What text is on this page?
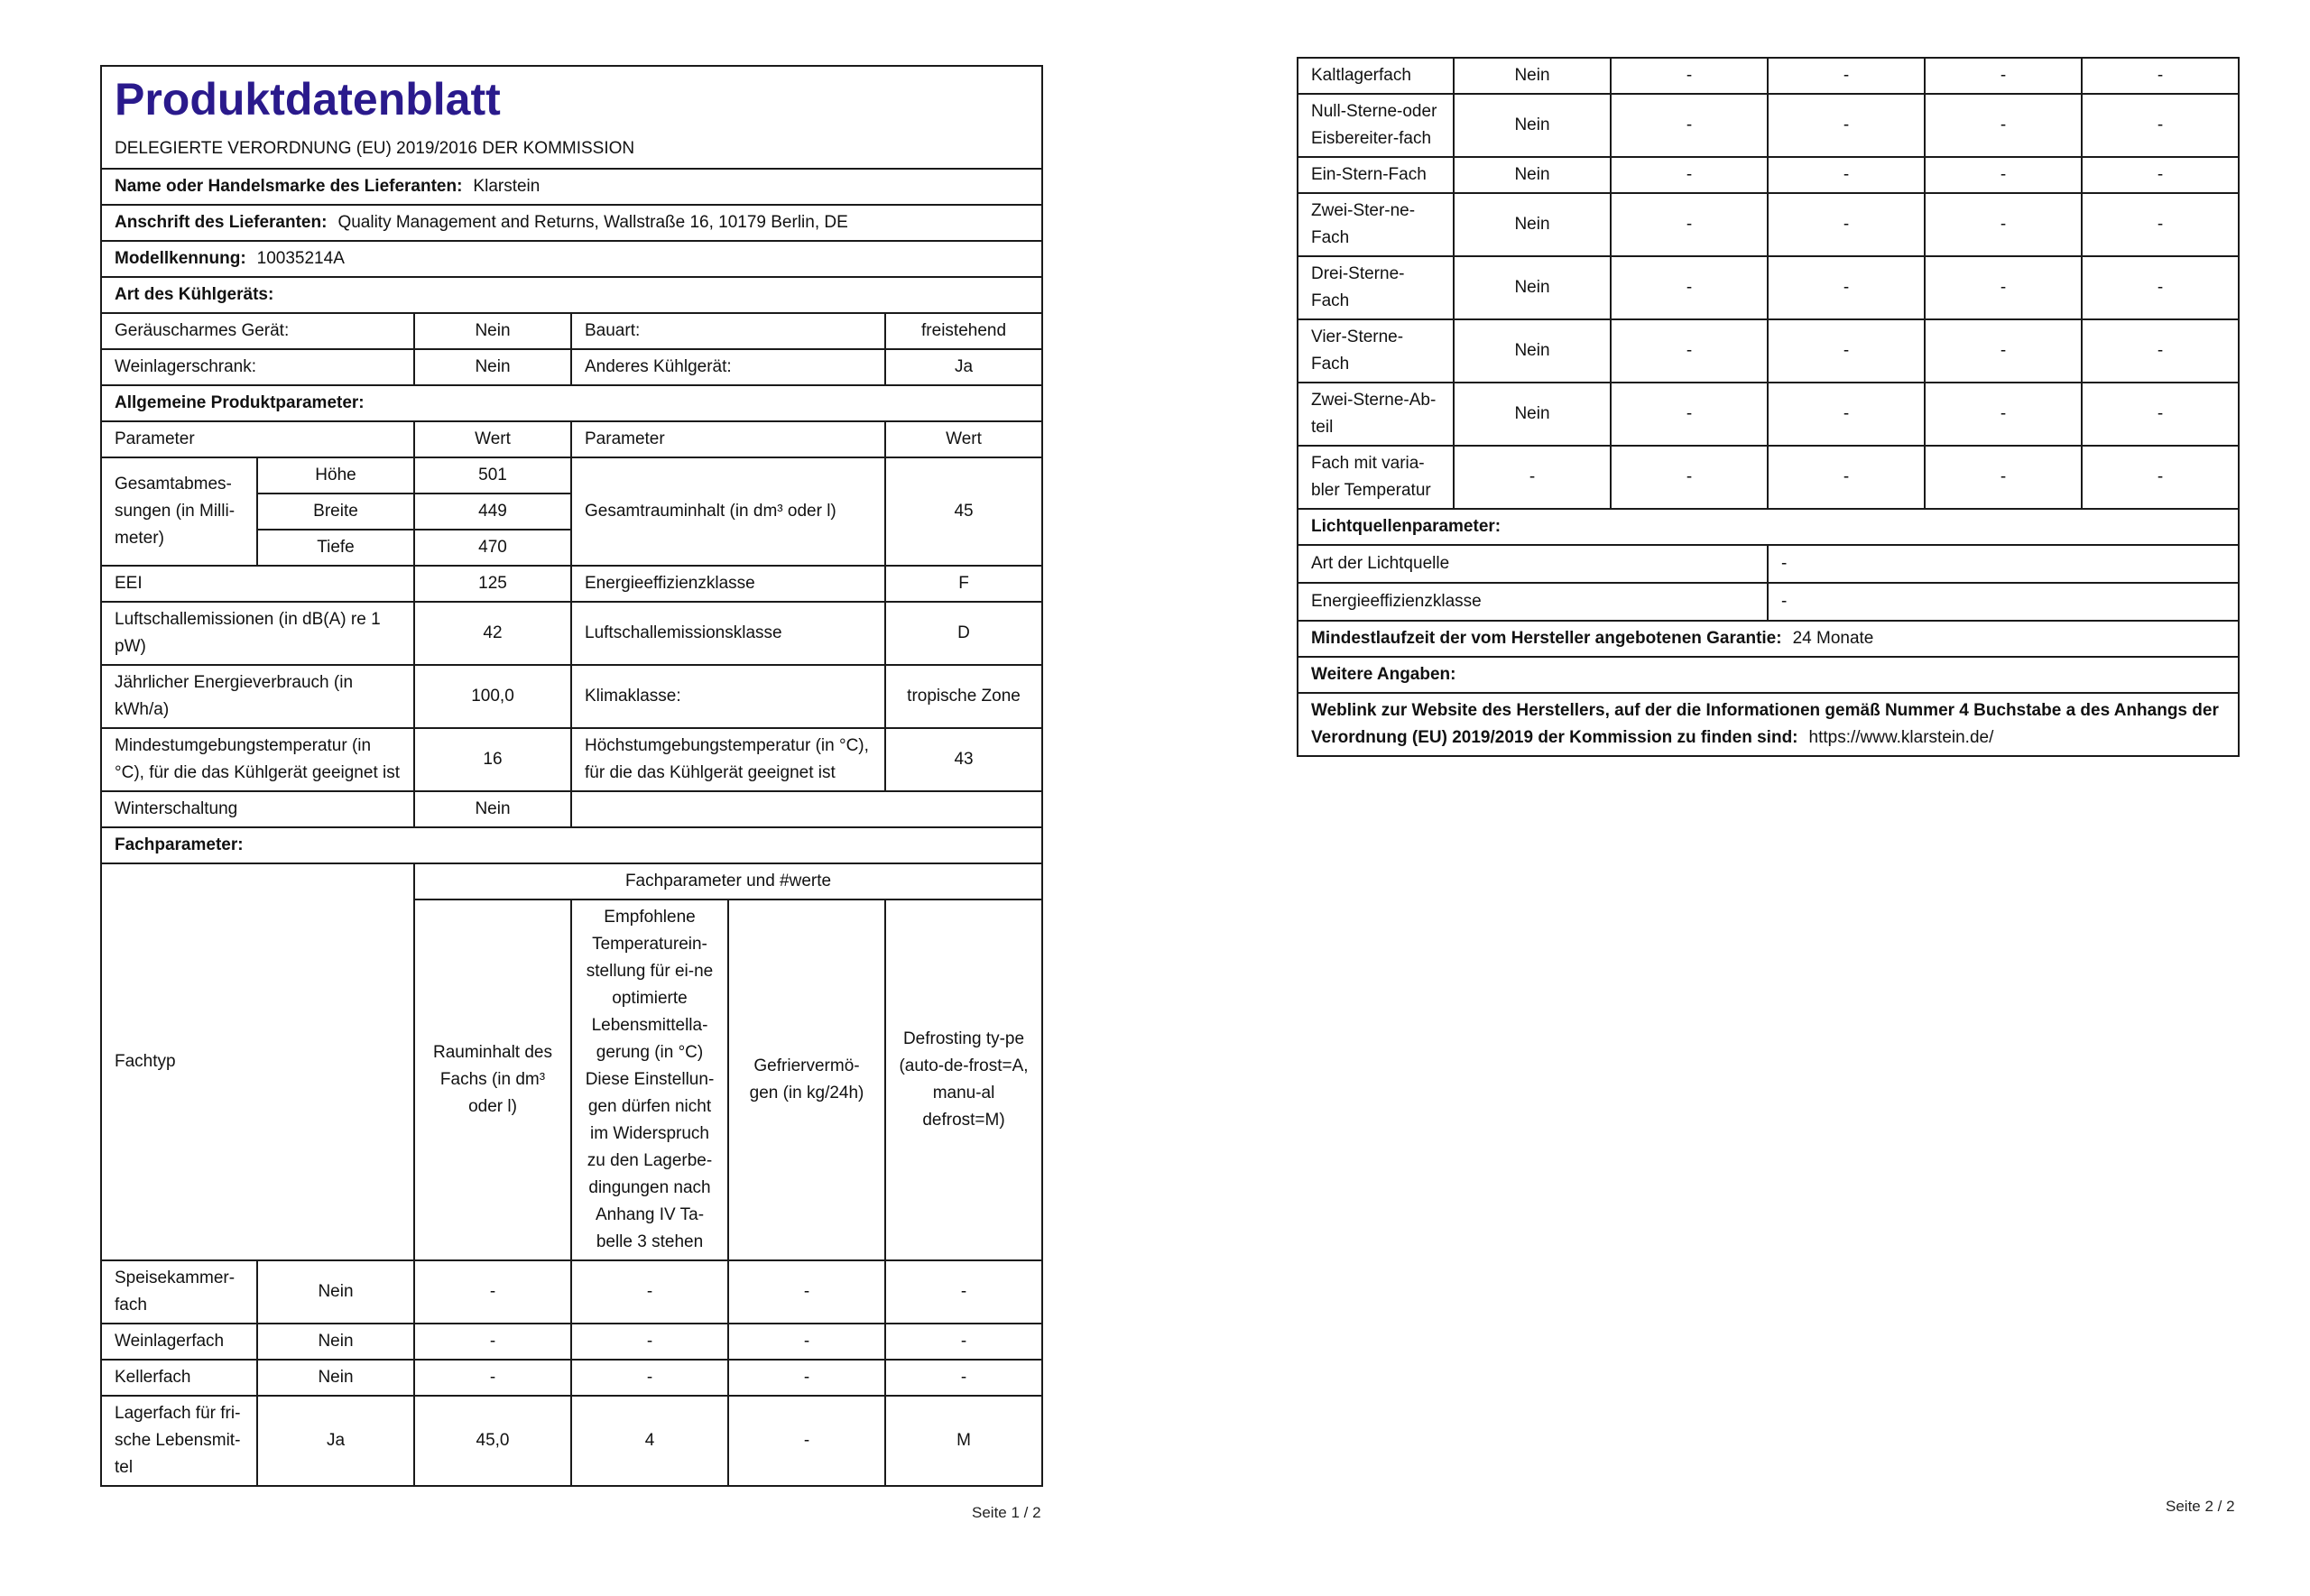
Produktdatenblatt
DELEGIERTE VERORDNUNG (EU) 2019/2016 DER KOMMISSION					

Name oder Handelsmarke des Lieferanten: Klarstein					
Anschrift des Lieferanten: Quality Management and Returns, Wallstraße 16, 10179 Berlin, DE					
Modellkennung: 10035214A					
Art des Kühlgeräts:					
Geräuscharmes Gerät:		Nein	Bauart:		freistehend
Weinlagerschrank:		Nein	Anderes Kühlgerät:		Ja
Allgemeine Produktparameter:					
Parameter		Wert	Parameter		Wert
Gesamtabmes-sungen (in Milli-meter)	Höhe	501	Gesamtrauminhalt (in dm³ oder l)		45
	Breite	449			
	Tiefe	470			
EEI		125	Energieeffizienzklasse		F
Luftschallemissionen (in dB(A) re 1 pW)		42	Luftschallemissionsklasse		D
Jährlicher Energieverbrauch (in kWh/a)		100,0	Klimaklasse:		tropische Zone
Mindestumgebungstemperatur (in °C), für die das Kühlgerät geeignet ist		16	Höchstumgebungstemperatur (in °C), für die das Kühlgerät geeignet ist		43
Winterschaltung		Nein			
Fachparameter:					
Fachtyp		Fachparameter und #werte			
		Rauminhalt des Fachs (in dm³ oder l)	Empfohlene Temperaturein-stellung für ei-ne optimierte Lebensmittella-gerung (in °C) Diese Einstellun-gen dürfen nicht im Widerspruch zu den Lagerbe-dingungen nach Anhang IV Ta-belle 3 stehen	Gefriervermö-gen (in kg/24h)	Defrosting ty-pe (auto-de-frost=A, manu-al defrost=M)
Speisekammer-fach	Nein	-	-	-	-
Weinlagerfach	Nein	-	-	-	-
Kellerfach	Nein	-	-	-	-
Lagerfach für fri-sche Lebensmit-tel	Ja	45,0	4	-	M
Seite 1 / 2
Kaltlagerfach	Nein	-	-	-	-
Null-Sterne-oder Eisbereiter-fach	Nein	-	-	-	-
Ein-Stern-Fach	Nein	-	-	-	-
Zwei-Ster-ne-Fach	Nein	-	-	-	-
Drei-Sterne-Fach	Nein	-	-	-	-
Vier-Sterne-Fach	Nein	-	-	-	-
Zwei-Sterne-Ab-teil	Nein	-	-	-	-
Fach mit varia-bler Temperatur	-	-	-	-	-
Lichtquellenparameter:					
Art der Lichtquelle			-		
Energieeffizienzklasse			-		
Mindestlaufzeit der vom Hersteller angebotenen Garantie: 24 Monate					
Weitere Angaben:					
Weblink zur Website des Herstellers, auf der die Informationen gemäß Nummer 4 Buchstabe a des Anhangs der Verordnung (EU) 2019/2019 der Kommission zu finden sind: https://www.klarstein.de/					
Seite 2 / 2
